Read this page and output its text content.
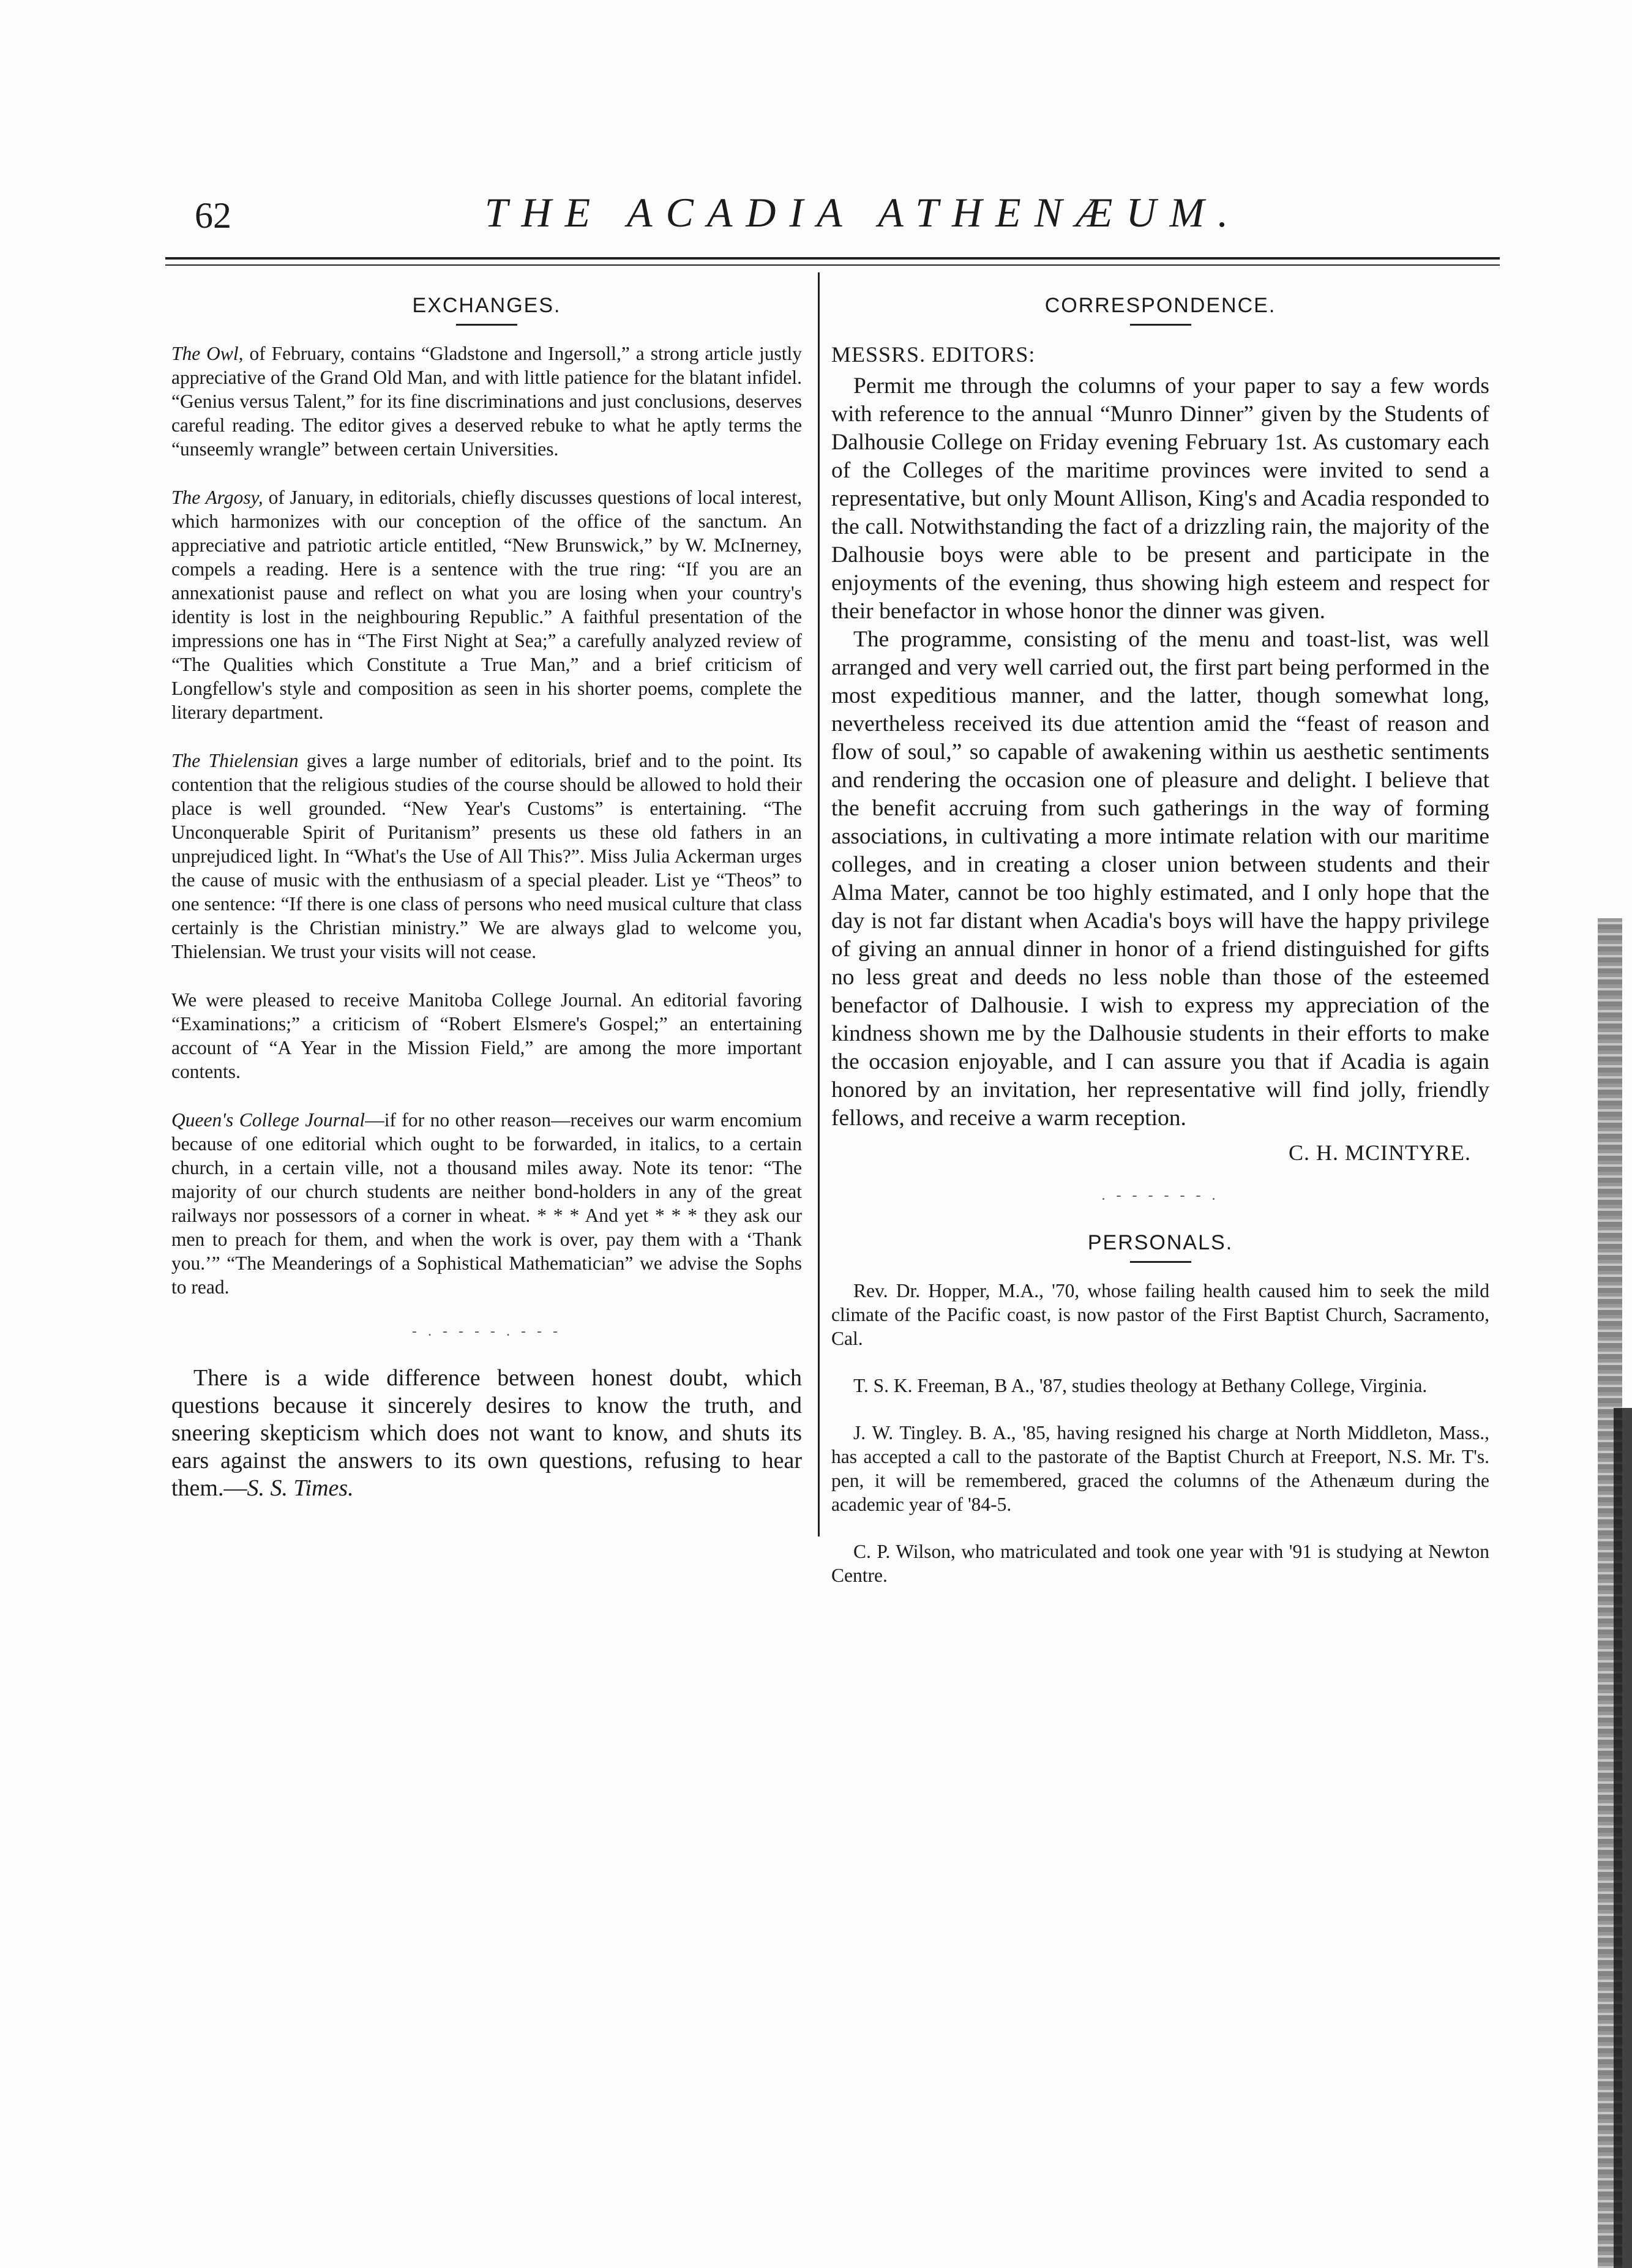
62	THE ACADIA ATHENÆUM.
EXCHANGES.

The Owl, of February, contains “Gladstone and Ingersoll,” a strong article justly appreciative of the Grand Old Man, and with little patience for the blatant infidel. “Genius versus Talent,” for its fine discriminations and just conclusions, deserves careful reading. The editor gives a deserved rebuke to what he aptly terms the “unseemly wrangle” between certain Universities.

The Argosy, of January, in editorials, chiefly discusses questions of local interest, which harmonizes with our conception of the office of the sanctum. An appreciative and patriotic article entitled, “New Brunswick,” by W. McInerney, compels a reading. Here is a sentence with the true ring: “If you are an annexationist pause and reflect on what you are losing when your country's identity is lost in the neighbouring Republic.” A faithful presentation of the impressions one has in “The First Night at Sea;” a carefully analyzed review of “The Qualities which Constitute a True Man,” and a brief criticism of Longfellow's style and composition as seen in his shorter poems, complete the literary department.

The Thielensian gives a large number of editorials, brief and to the point. Its contention that the religious studies of the course should be allowed to hold their place is well grounded. “New Year's Customs” is entertaining. “The Unconquerable Spirit of Puritanism” presents us these old fathers in an unprejudiced light. In “What's the Use of All This?”. Miss Julia Ackerman urges the cause of music with the enthusiasm of a special pleader. List ye “Theos” to one sentence: “If there is one class of persons who need musical culture that class certainly is the Christian ministry.” We are always glad to welcome you, Thielensian. We trust your visits will not cease.

We were pleased to receive Manitoba College Journal. An editorial favoring “Examinations;” a criticism of “Robert Elsmere's Gospel;” an entertaining account of “A Year in the Mission Field,” are among the more important contents.

Queen's College Journal—if for no other reason—receives our warm encomium because of one editorial which ought to be forwarded, in italics, to a certain church, in a certain ville, not a thousand miles away. Note its tenor: “The majority of our church students are neither bond-holders in any of the great railways nor possessors of a corner in wheat. * * * And yet * * * they ask our men to preach for them, and when the work is over, pay them with a ‘Thank you.’” “The Meanderings of a Sophistical Mathematician” we advise the Sophs to read.

- . - - - - . - - -

There is a wide difference between honest doubt, which questions because it sincerely desires to know the truth, and sneering skepticism which does not want to know, and shuts its ears against the answers to its own questions, refusing to hear them.—S. S. Times.

CORRESPONDENCE.
MESSRS. EDITORS:

Permit me through the columns of your paper to say a few words with reference to the annual “Munro Dinner” given by the Students of Dalhousie College on Friday evening February 1st. As customary each of the Colleges of the maritime provinces were invited to send a representative, but only Mount Allison, King's and Acadia responded to the call. Notwithstanding the fact of a drizzling rain, the majority of the Dalhousie boys were able to be present and participate in the enjoyments of the evening, thus showing high esteem and respect for their benefactor in whose honor the dinner was given.

The programme, consisting of the menu and toast-list, was well arranged and very well carried out, the first part being performed in the most expeditious manner, and the latter, though somewhat long, nevertheless received its due attention amid the “feast of reason and flow of soul,” so capable of awakening within us aesthetic sentiments and rendering the occasion one of pleasure and delight. I believe that the benefit accruing from such gatherings in the way of forming associations, in cultivating a more intimate relation with our maritime colleges, and in creating a closer union between students and their Alma Mater, cannot be too highly estimated, and I only hope that the day is not far distant when Acadia's boys will have the happy privilege of giving an annual dinner in honor of a friend distinguished for gifts no less great and deeds no less noble than those of the esteemed benefactor of Dalhousie. I wish to express my appreciation of the kindness shown me by the Dalhousie students in their efforts to make the occasion enjoyable, and I can assure you that if Acadia is again honored by an invitation, her representative will find jolly, friendly fellows, and receive a warm reception.

C. H. MCINTYRE.
. - - - - - - .
PERSONALS.

Rev. Dr. Hopper, M.A., '70, whose failing health caused him to seek the mild climate of the Pacific coast, is now pastor of the First Baptist Church, Sacramento, Cal.

T. S. K. Freeman, B A., '87, studies theology at Bethany College, Virginia.

J. W. Tingley. B. A., '85, having resigned his charge at North Middleton, Mass., has accepted a call to the pastorate of the Baptist Church at Freeport, N.S. Mr. T's. pen, it will be remembered, graced the columns of the Athenæum during the academic year of '84-5.

C. P. Wilson, who matriculated and took one year with '91 is studying at Newton Centre.
